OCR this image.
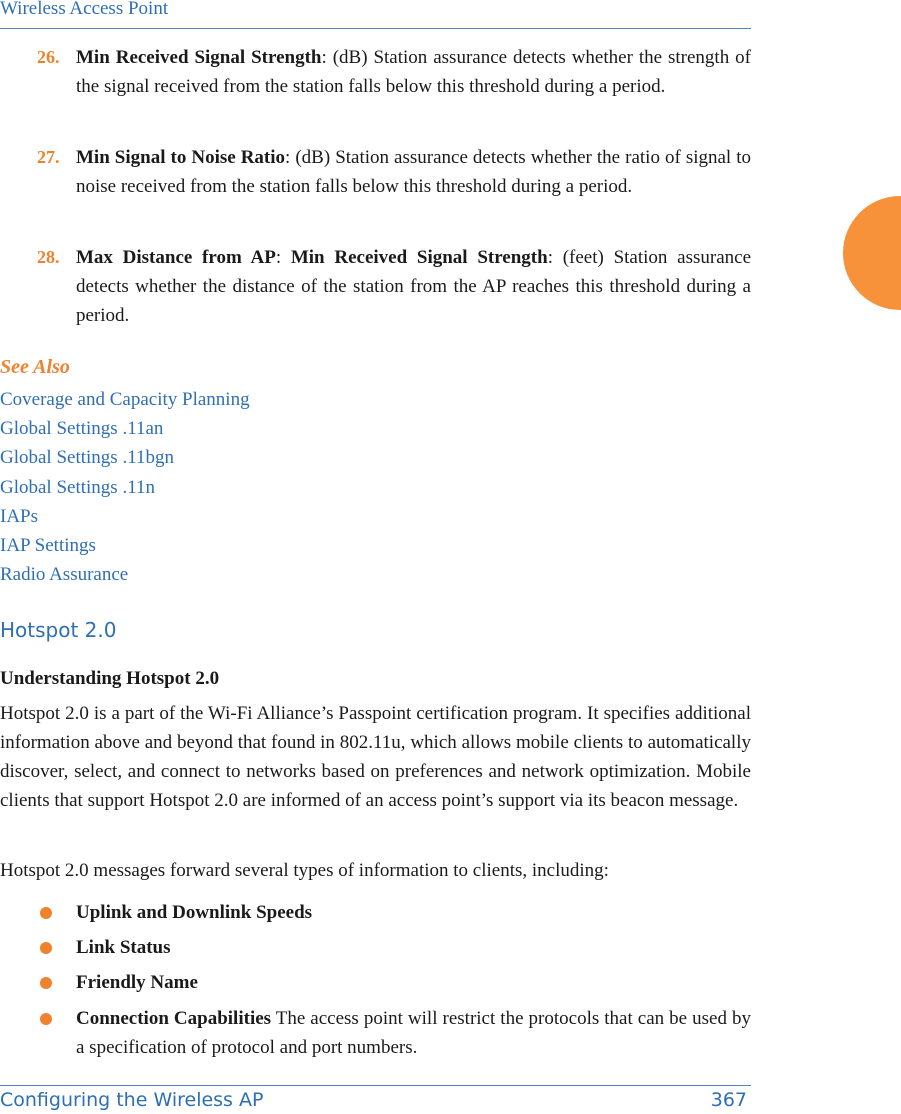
Wireless Access Point
26. Min Received Signal Strength: (dB) Station assurance detects whether the strength of the signal received from the station falls below this threshold during a period.
27. Min Signal to Noise Ratio: (dB) Station assurance detects whether the ratio of signal to noise received from the station falls below this threshold during a period.
28. Max Distance from AP: Min Received Signal Strength: (feet) Station assurance detects whether the distance of the station from the AP reaches this threshold during a period.
See Also
Coverage and Capacity Planning
Global Settings .11an
Global Settings .11bgn
Global Settings .11n
IAPs
IAP Settings
Radio Assurance
Hotspot 2.0
Understanding Hotspot 2.0
Hotspot 2.0 is a part of the Wi-Fi Alliance’s Passpoint certification program. It specifies additional information above and beyond that found in 802.11u, which allows mobile clients to automatically discover, select, and connect to networks based on preferences and network optimization. Mobile clients that support Hotspot 2.0 are informed of an access point’s support via its beacon message.
Hotspot 2.0 messages forward several types of information to clients, including:
Uplink and Downlink Speeds
Link Status
Friendly Name
Connection Capabilities The access point will restrict the protocols that can be used by a specification of protocol and port numbers.
Configuring the Wireless AP	367
